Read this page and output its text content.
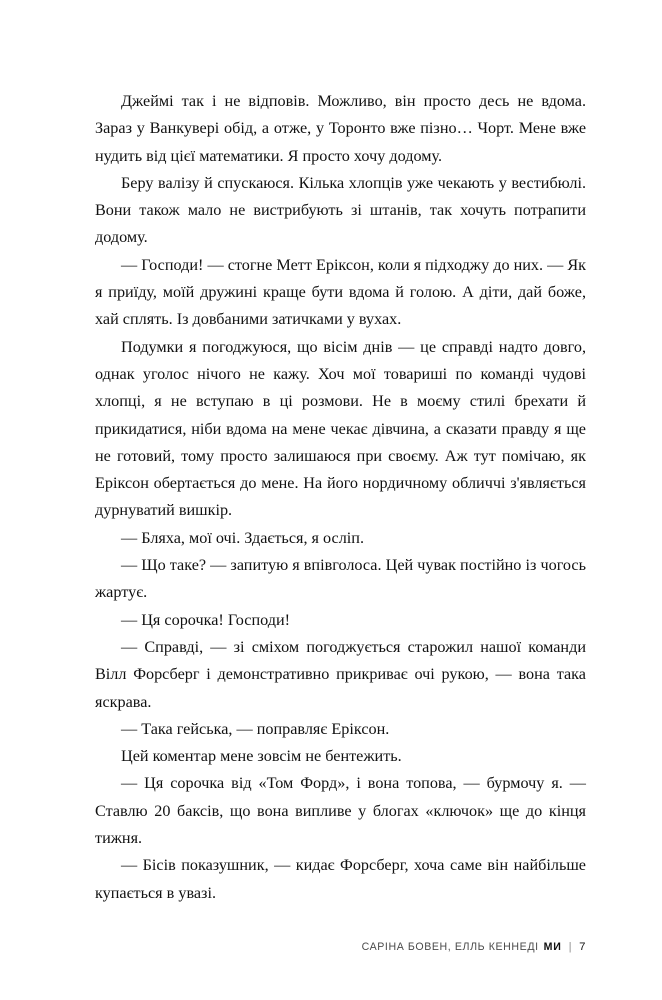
Джеймі так і не відповів. Можливо, він просто десь не вдома. Зараз у Ванкувері обід, а отже, у Торонто вже пізно… Чорт. Мене вже нудить від цієї математики. Я просто хочу додому.

Беру валізу й спускаюся. Кілька хлопців уже чекають у вестибюлі. Вони також мало не вистрибують зі штанів, так хочуть потрапити додому.

— Господи! — стогне Метт Еріксон, коли я підходжу до них. — Як я приїду, моїй дружині краще бути вдома й голою. А діти, дай боже, хай сплять. Із довбаними затичками у вухах.

Подумки я погоджуюся, що вісім днів — це справді надто довго, однак уголос нічого не кажу. Хоч мої товариші по команді чудові хлопці, я не вступаю в ці розмови. Не в моєму стилі брехати й прикидатися, ніби вдома на мене чекає дівчина, а сказати правду я ще не готовий, тому просто залишаюся при своєму. Аж тут помічаю, як Еріксон обертається до мене. На його нордичному обличчі з'являється дурнуватий вишкір.

— Бляха, мої очі. Здається, я осліп.

— Що таке? — запитую я впівголоса. Цей чувак постійно із чогось жартує.

— Ця сорочка! Господи!

— Справді, — зі сміхом погоджується старожил нашої команди Вілл Форсберг і демонстративно прикриває очі рукою, — вона така яскрава.

— Така гейська, — поправляє Еріксон.

Цей коментар мене зовсім не бентежить.

— Ця сорочка від «Том Форд», і вона топова, — бурмочу я. — Ставлю 20 баксів, що вона випливе у блогах «ключок» ще до кінця тижня.

— Бісів показушник, — кидає Форсберг, хоча саме він найбільше купається в увазі.

САРІНА БОВЕН, ЕЛЛЬ КЕННЕДІ МИ | 7
